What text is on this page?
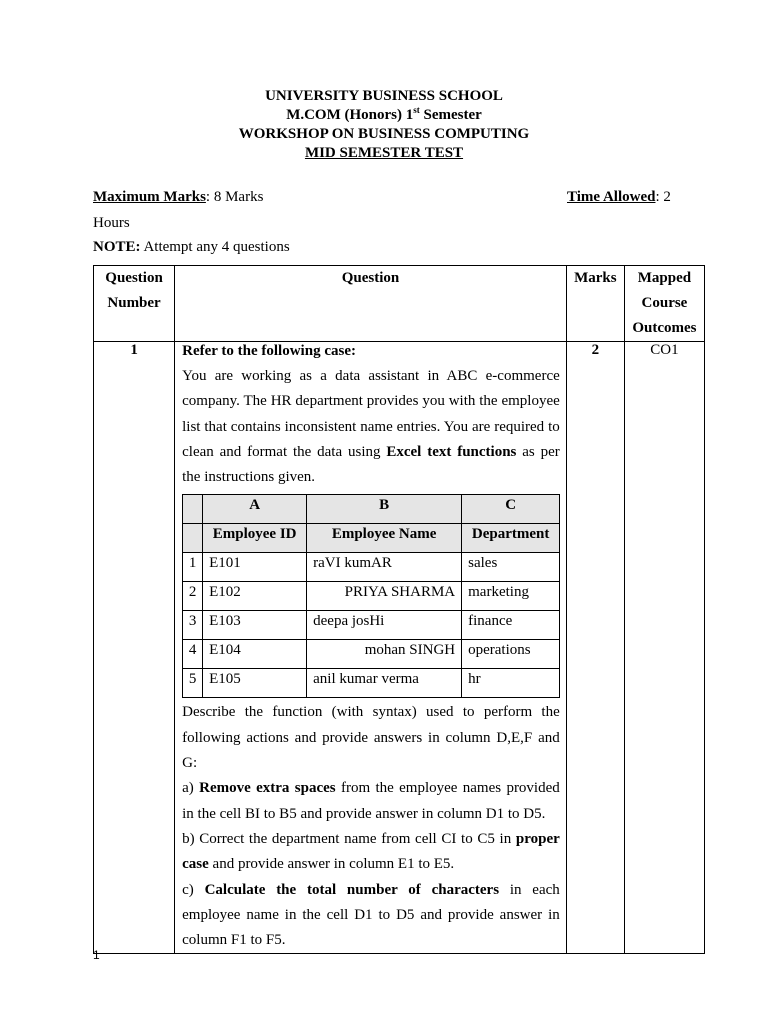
UNIVERSITY BUSINESS SCHOOL
M.COM (Honors) 1st Semester
WORKSHOP ON BUSINESS COMPUTING
MID SEMESTER TEST
Maximum Marks: 8 Marks	Time Allowed: 2
Hours
NOTE: Attempt any 4 questions
Question Number	Question	Marks	Mapped Course Outcomes
1	Refer to the following case:

You are working as a data assistant in ABC e-commerce company. The HR department provides you with the employee list that contains inconsistent name entries. You are required to clean and format the data using Excel text functions as per the instructions given.

	A	B	C
	Employee ID	Employee Name	Department
1	E101	raVI kumAR	sales
2	E102	PRIYA SHARMA	marketing
3	E103	deepa josHi	finance
4	E104	mohan SINGH	operations
5	E105	anil kumar verma	hr

Describe the function (with syntax) used to perform the following actions and provide answers in column D,E,F and G:

a) Remove extra spaces from the employee names provided in the cell BI to B5 and provide answer in column D1 to D5.

b) Correct the department name from cell CI to C5 in proper case and provide answer in column E1 to E5.

c) Calculate the total number of characters in each employee name in the cell D1 to D5 and provide answer in column F1 to F5.

	2	CO1
1
